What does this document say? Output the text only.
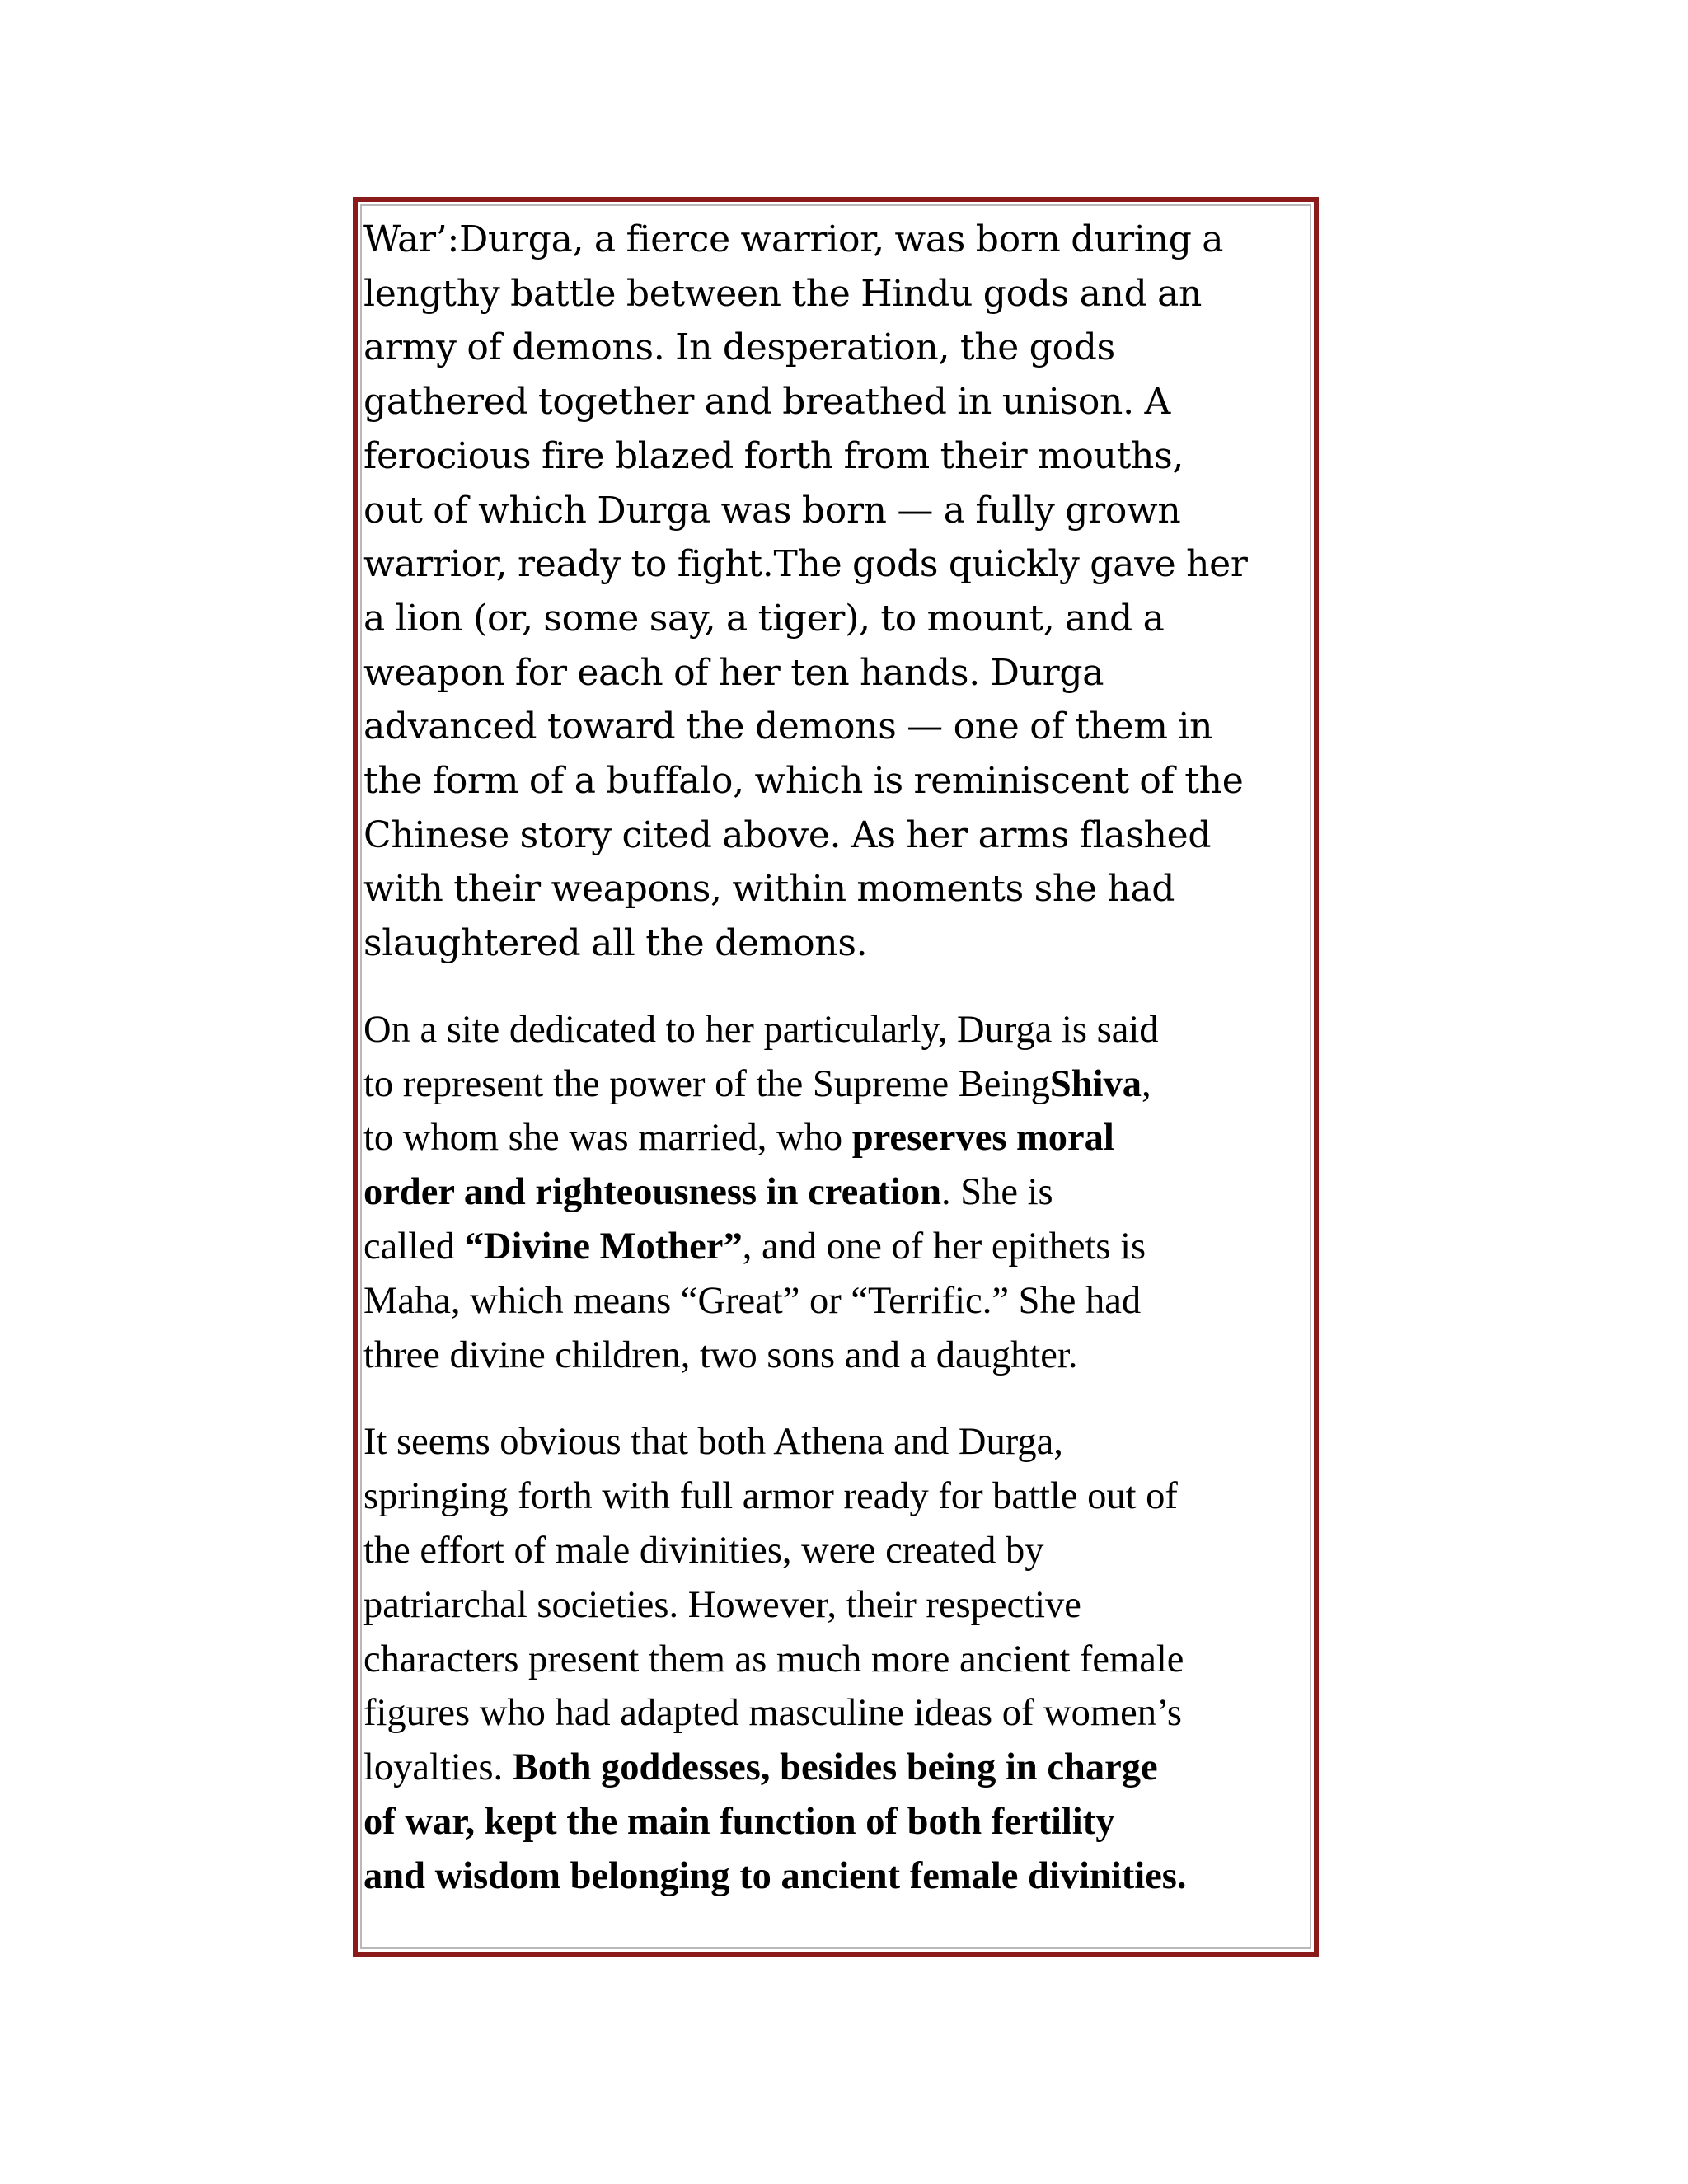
War’:Durga, a fierce warrior, was born during a
lengthy battle between the Hindu gods and an
army of demons. In desperation, the gods
gathered together and breathed in unison. A
ferocious fire blazed forth from their mouths,
out of which Durga was born — a fully grown
warrior, ready to fight.The gods quickly gave her
a lion (or, some say, a tiger), to mount, and a
weapon for each of her ten hands. Durga
advanced toward the demons — one of them in
the form of a buffalo, which is reminiscent of the
Chinese story cited above. As her arms flashed
with their weapons, within moments she had
slaughtered all the demons.

On a site dedicated to her particularly, Durga is said
to represent the power of the Supreme BeingShiva,
to whom she was married, who preserves moral
order and righteousness in creation. She is
called “Divine Mother”, and one of her epithets is
Maha, which means “Great” or “Terrific.” She had
three divine children, two sons and a daughter.

It seems obvious that both Athena and Durga,
springing forth with full armor ready for battle out of
the effort of male divinities, were created by
patriarchal societies. However, their respective
characters present them as much more ancient female
figures who had adapted masculine ideas of women’s
loyalties. Both goddesses, besides being in charge
of war, kept the main function of both fertility
and wisdom belonging to ancient female divinities.
